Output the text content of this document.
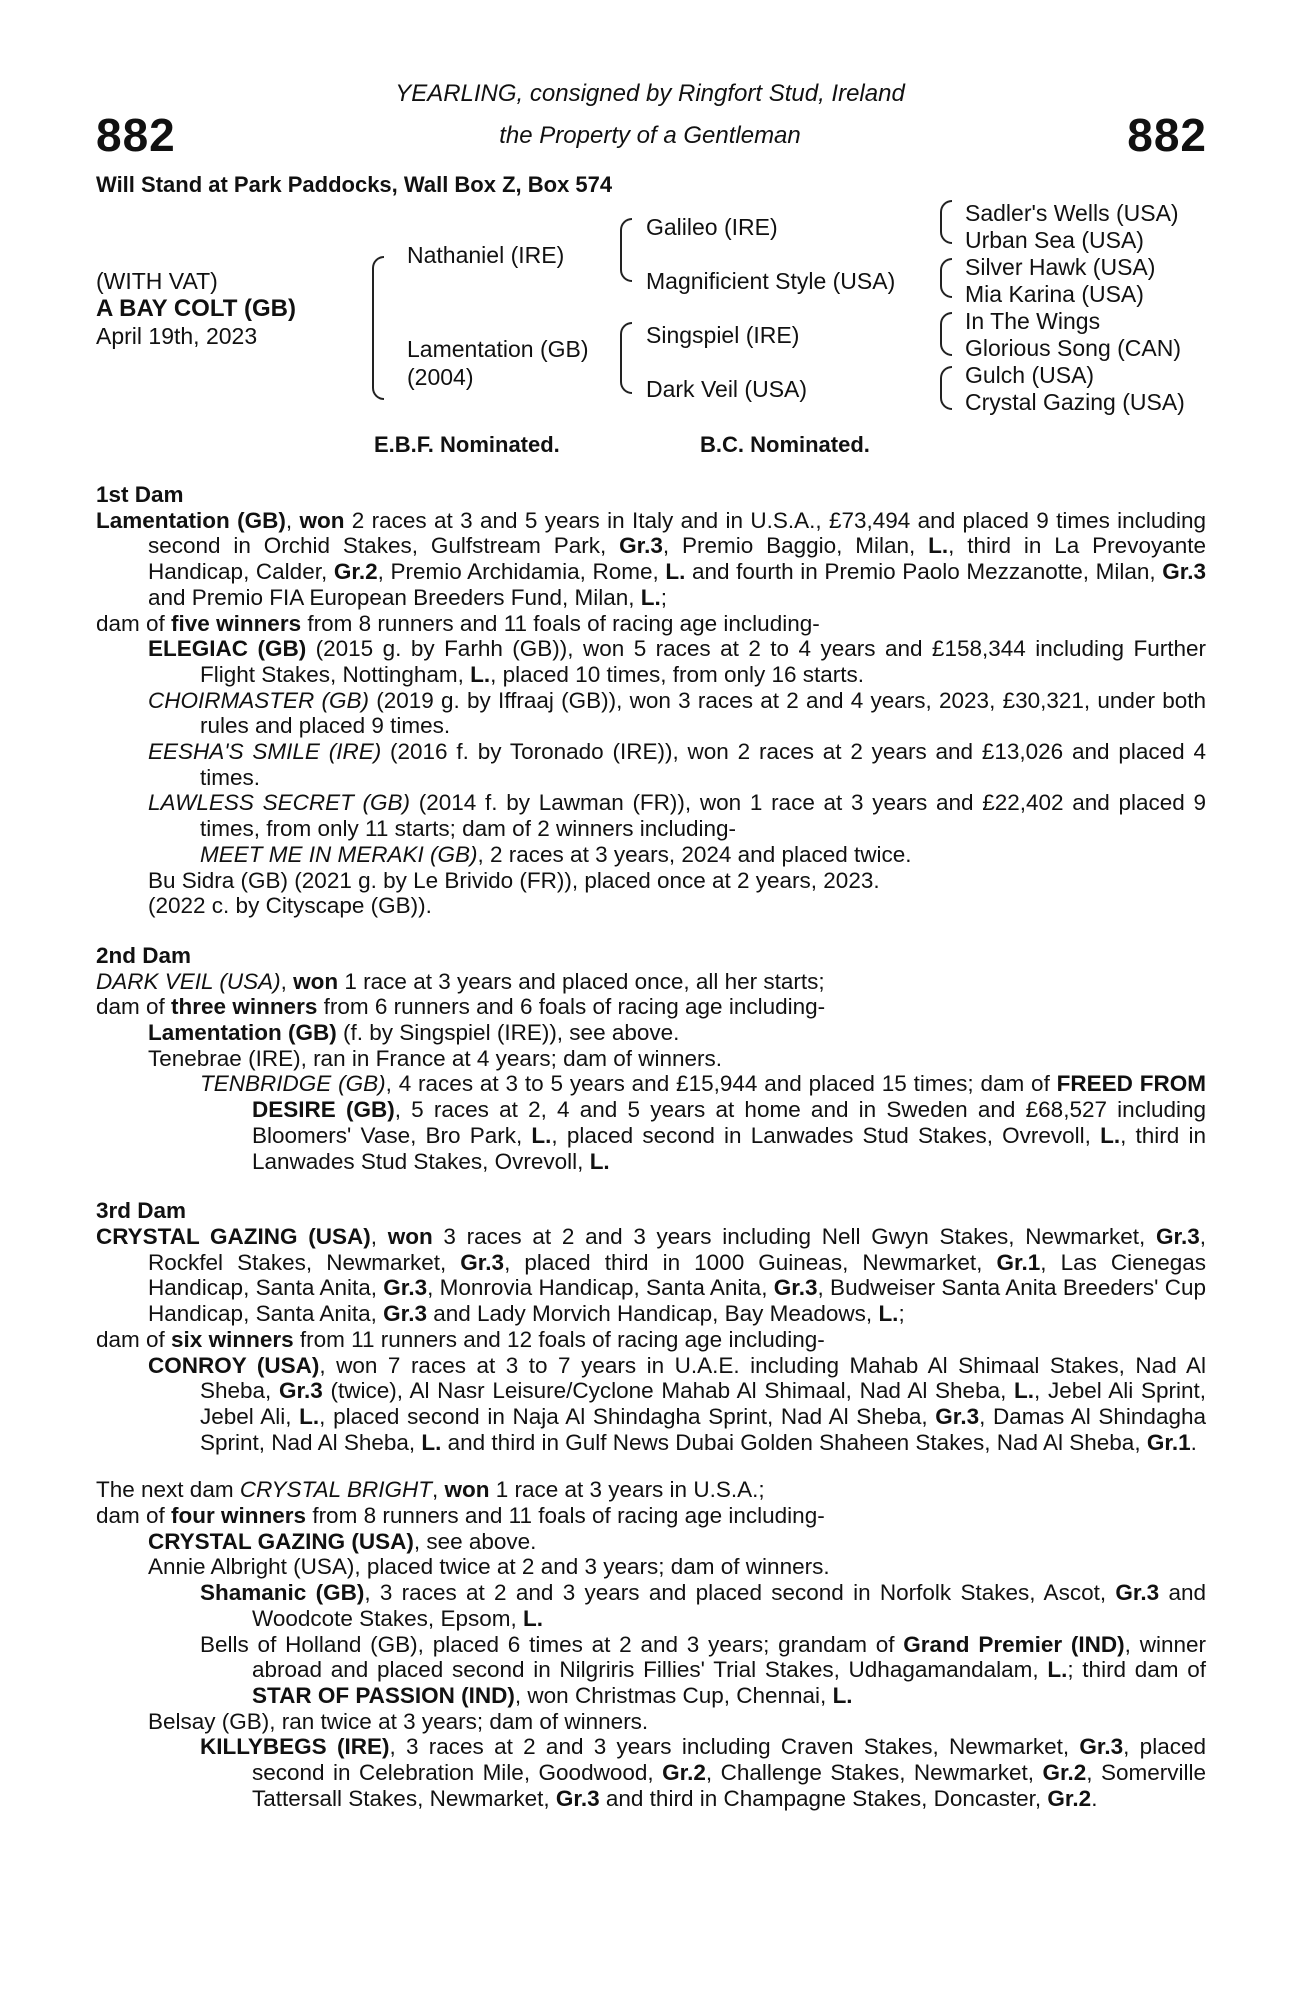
882	882
YEARLING, consigned by Ringfort Stud, Ireland
the Property of a Gentleman
Will Stand at Park Paddocks, Wall Box Z, Box 574
(WITH VAT)
A BAY COLT (GB)
April 19th, 2023
Nathaniel (IRE)
Lamentation (GB)
(2004)
Galileo (IRE)
Magnificient Style (USA)
Singspiel (IRE)
Dark Veil (USA)
Sadler's Wells (USA)
Urban Sea (USA)
Silver Hawk (USA)
Mia Karina (USA)
In The Wings
Glorious Song (CAN)
Gulch (USA)
Crystal Gazing (USA)
E.B.F. Nominated.	B.C. Nominated.
1st Dam

Lamentation (GB), won 2 races at 3 and 5 years in Italy and in U.S.A., £73,494 and placed 9 times including second in Orchid Stakes, Gulfstream Park, Gr.3, Premio Baggio, Milan, L., third in La Prevoyante Handicap, Calder, Gr.2, Premio Archidamia, Rome, L. and fourth in Premio Paolo Mezzanotte, Milan, Gr.3 and Premio FIA European Breeders Fund, Milan, L.;

dam of five winners from 8 runners and 11 foals of racing age including-

ELEGIAC (GB) (2015 g. by Farhh (GB)), won 5 races at 2 to 4 years and £158,344 including Further Flight Stakes, Nottingham, L., placed 10 times, from only 16 starts.

CHOIRMASTER (GB) (2019 g. by Iffraaj (GB)), won 3 races at 2 and 4 years, 2023, £30,321, under both rules and placed 9 times.

EESHA'S SMILE (IRE) (2016 f. by Toronado (IRE)), won 2 races at 2 years and £13,026 and placed 4 times.

LAWLESS SECRET (GB) (2014 f. by Lawman (FR)), won 1 race at 3 years and £22,402 and placed 9 times, from only 11 starts; dam of 2 winners including-

MEET ME IN MERAKI (GB), 2 races at 3 years, 2024 and placed twice.

Bu Sidra (GB) (2021 g. by Le Brivido (FR)), placed once at 2 years, 2023.

(2022 c. by Cityscape (GB)).

2nd Dam

DARK VEIL (USA), won 1 race at 3 years and placed once, all her starts;

dam of three winners from 6 runners and 6 foals of racing age including-

Lamentation (GB) (f. by Singspiel (IRE)), see above.

Tenebrae (IRE), ran in France at 4 years; dam of winners.

TENBRIDGE (GB), 4 races at 3 to 5 years and £15,944 and placed 15 times; dam of FREED FROM DESIRE (GB), 5 races at 2, 4 and 5 years at home and in Sweden and £68,527 including Bloomers' Vase, Bro Park, L., placed second in Lanwades Stud Stakes, Ovrevoll, L., third in Lanwades Stud Stakes, Ovrevoll, L.

3rd Dam

CRYSTAL GAZING (USA), won 3 races at 2 and 3 years including Nell Gwyn Stakes, Newmarket, Gr.3, Rockfel Stakes, Newmarket, Gr.3, placed third in 1000 Guineas, Newmarket, Gr.1, Las Cienegas Handicap, Santa Anita, Gr.3, Monrovia Handicap, Santa Anita, Gr.3, Budweiser Santa Anita Breeders' Cup Handicap, Santa Anita, Gr.3 and Lady Morvich Handicap, Bay Meadows, L.;

dam of six winners from 11 runners and 12 foals of racing age including-

CONROY (USA), won 7 races at 3 to 7 years in U.A.E. including Mahab Al Shimaal Stakes, Nad Al Sheba, Gr.3 (twice), Al Nasr Leisure/Cyclone Mahab Al Shimaal, Nad Al Sheba, L., Jebel Ali Sprint, Jebel Ali, L., placed second in Naja Al Shindagha Sprint, Nad Al Sheba, Gr.3, Damas Al Shindagha Sprint, Nad Al Sheba, L. and third in Gulf News Dubai Golden Shaheen Stakes, Nad Al Sheba, Gr.1.

The next dam CRYSTAL BRIGHT, won 1 race at 3 years in U.S.A.;

dam of four winners from 8 runners and 11 foals of racing age including-

CRYSTAL GAZING (USA), see above.

Annie Albright (USA), placed twice at 2 and 3 years; dam of winners.

Shamanic (GB), 3 races at 2 and 3 years and placed second in Norfolk Stakes, Ascot, Gr.3 and Woodcote Stakes, Epsom, L.

Bells of Holland (GB), placed 6 times at 2 and 3 years; grandam of Grand Premier (IND), winner abroad and placed second in Nilgriris Fillies' Trial Stakes, Udhagamandalam, L.; third dam of STAR OF PASSION (IND), won Christmas Cup, Chennai, L.

Belsay (GB), ran twice at 3 years; dam of winners.

KILLYBEGS (IRE), 3 races at 2 and 3 years including Craven Stakes, Newmarket, Gr.3, placed second in Celebration Mile, Goodwood, Gr.2, Challenge Stakes, Newmarket, Gr.2, Somerville Tattersall Stakes, Newmarket, Gr.3 and third in Champagne Stakes, Doncaster, Gr.2.
